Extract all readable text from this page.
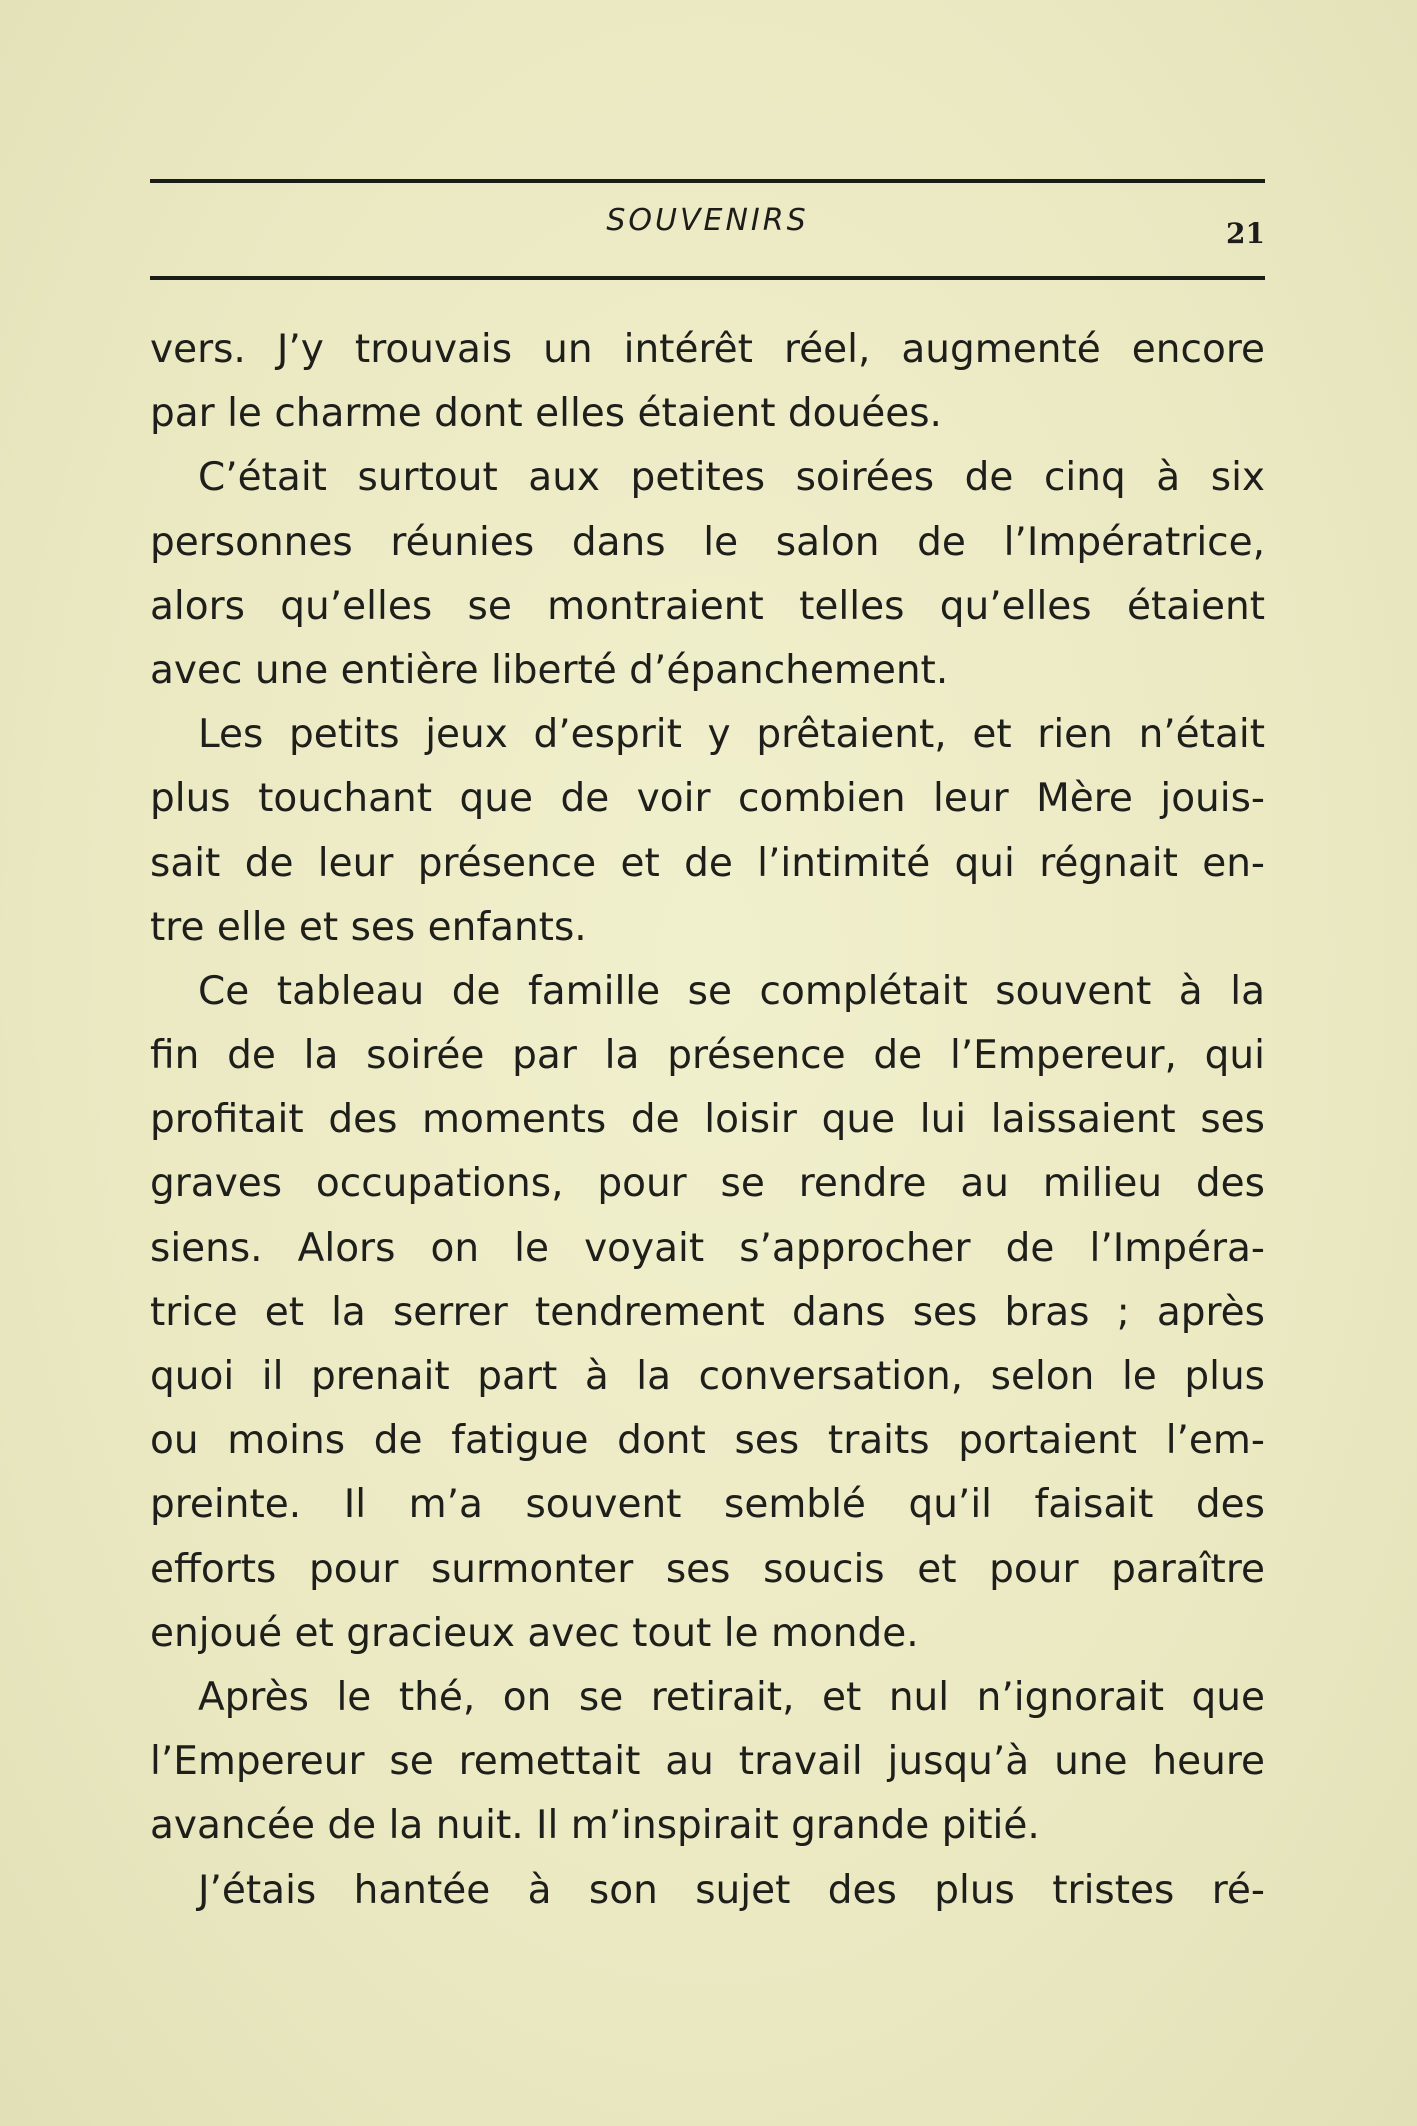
SOUVENIRS	21
vers. J’y trouvais un intérêt réel, augmenté encore
par le charme dont elles étaient douées.
C’était surtout aux petites soirées de cinq à six
personnes réunies dans le salon de l’Impératrice,
alors qu’elles se montraient telles qu’elles étaient
avec une entière liberté d’épanchement.
Les petits jeux d’esprit y prêtaient, et rien n’était
plus touchant que de voir combien leur Mère jouis-
sait de leur présence et de l’intimité qui régnait en-
tre elle et ses enfants.
Ce tableau de famille se complétait souvent à la
fin de la soirée par la présence de l’Empereur, qui
profitait des moments de loisir que lui laissaient ses
graves occupations, pour se rendre au milieu des
siens. Alors on le voyait s’approcher de l’Impéra-
trice et la serrer tendrement dans ses bras ; après
quoi il prenait part à la conversation, selon le plus
ou moins de fatigue dont ses traits portaient l’em-
preinte. Il m’a souvent semblé qu’il faisait des
efforts pour surmonter ses soucis et pour paraître
enjoué et gracieux avec tout le monde.
Après le thé, on se retirait, et nul n’ignorait que
l’Empereur se remettait au travail jusqu’à une heure
avancée de la nuit. Il m’inspirait grande pitié.
J’étais hantée à son sujet des plus tristes ré-
